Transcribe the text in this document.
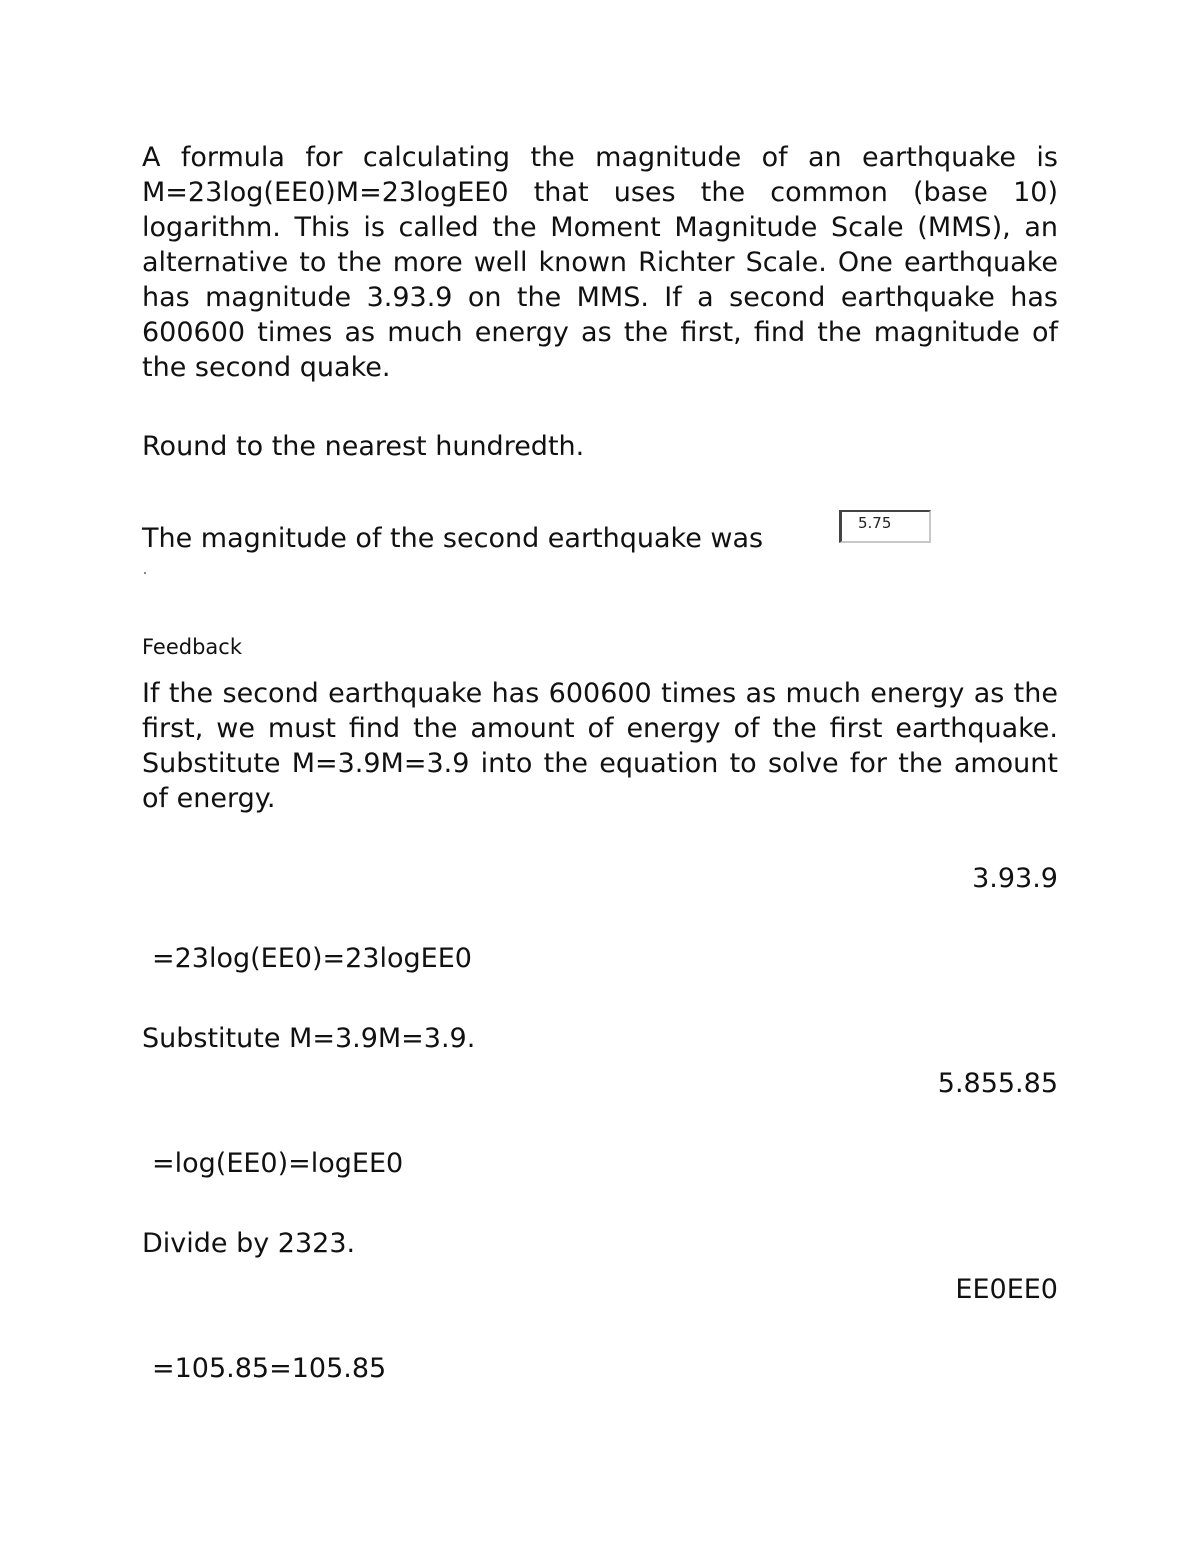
A formula for calculating the magnitude of an earthquake is M=23log(EE0)M=23logEE0 that uses the common (base 10) logarithm. This is called the Moment Magnitude Scale (MMS), an alternative to the more well known Richter Scale. One earthquake has magnitude 3.93.9 on the MMS. If a second earthquake has 600600 times as much energy as the first, find the magnitude of the second quake.

Round to the nearest hundredth.

The magnitude of the second earthquake was	5.75

Feedback

If the second earthquake has 600600 times as much energy as the first, we must find the amount of energy of the first earthquake. Substitute M=3.9M=3.9 into the equation to solve for the amount of energy.

3.93.9

=23log(EE0)=23logEE0

Substitute M=3.9M=3.9.

5.855.85

=log(EE0)=logEE0

Divide by 2323.

EE0EE0

=105.85=105.85
